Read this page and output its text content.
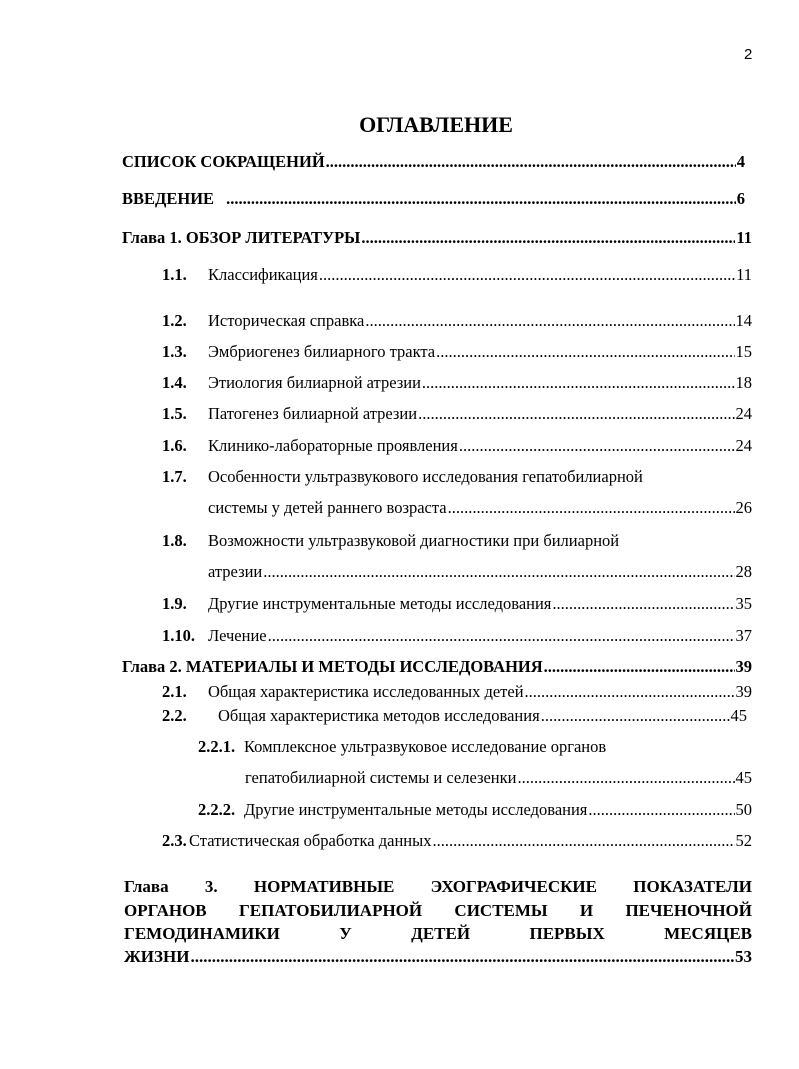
2
ОГЛАВЛЕНИЕ
СПИСОК СОКРАЩЕНИЙ .....	4
ВВЕДЕНИЕ .....	6
Глава 1. ОБЗОР ЛИТЕРАТУРЫ .....	11
1.1.	Классификация .....	11
1.2.	Историческая справка .....	14
1.3.	Эмбриогенез билиарного тракта .....	15
1.4.	Этиология билиарной атрезии .....	18
1.5.	Патогенез билиарной атрезии .....	24
1.6.	Клинико-лабораторные проявления .....	24
1.7.	Особенности ультразвукового исследования гепатобилиарной
системы у детей раннего возраста .....	26
1.8.	Возможности ультразвуковой диагностики при билиарной
атрезии .....	28
1.9.	Другие инструментальные методы исследования .....	35
1.10. Лечение .....	37
Глава 2. МАТЕРИАЛЫ И МЕТОДЫ ИССЛЕДОВАНИЯ .....	39
2.1.	Общая характеристика исследованных детей .....	39
2.2.	Общая характеристика методов исследования .....	45
2.2.1. Комплексное ультразвуковое исследование органов
гепатобилиарной системы и селезенки .....	45
2.2.2. Другие инструментальные методы исследования .....	50
2.3. Статистическая обработка данных .....	52
Глава 3. НОРМАТИВНЫЕ ЭХОГРАФИЧЕСКИЕ ПОКАЗАТЕЛИ
ОРГАНОВ ГЕПАТОБИЛИАРНОЙ СИСТЕМЫ И ПЕЧЕНОЧНОЙ
ГЕМОДИНАМИКИ У ДЕТЕЙ ПЕРВЫХ МЕСЯЦЕВ
ЖИЗНИ .....	53
